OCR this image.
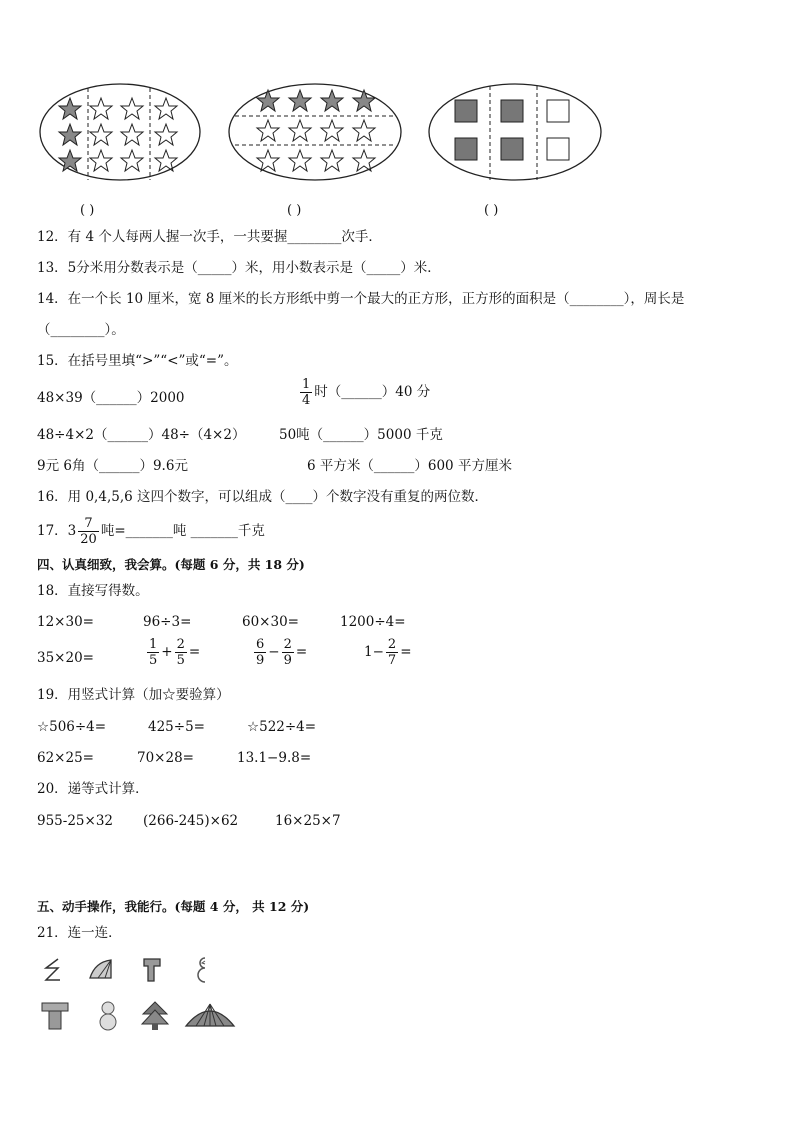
( )	( )	( )
12．有 4 个人每两人握一次手，一共要握________次手．
13．5分米用分数表示是（_____）米，用小数表示是（_____）米．
14．在一个长 10 厘米，宽 8 厘米的长方形纸中剪一个最大的正方形，正方形的面积是（________），周长是
（________）。
15．在括号里填“>”“<”或“=”。
48×39（______）2000	$\frac{1}{4}$ 时（______）40 分
48÷4×2（______）48÷（4×2） 50吨（______）5000 千克
9元 6角（______）9.6元	6 平方米（______）600 平方厘米
16．用 0,4,5,6 这四个数字，可以组成（____）个数字没有重复的两位数．
17．$3 \frac{7}{20}$ 吨=_______吨 _______千克
四、认真细致，我会算。(每题 6 分，共 18 分)
18．直接写得数。
12×30=	96÷3=	60×30=	1200÷4=
35×20=	$\frac{1}{5} + \frac{2}{5}$ =	$\frac{6}{9} - \frac{2}{9}$ =	$1- \frac{2}{7}$ =
19．用竖式计算（加☆要验算）
☆506÷4=	425÷5=	☆522÷4=
62×25=	70×28=	13.1−9.8=
20．递等式计算．
955-25×32 (266-245)×62	16×25×7
五、动手操作，我能行。(每题 4 分， 共 12 分)
21．连一连．
